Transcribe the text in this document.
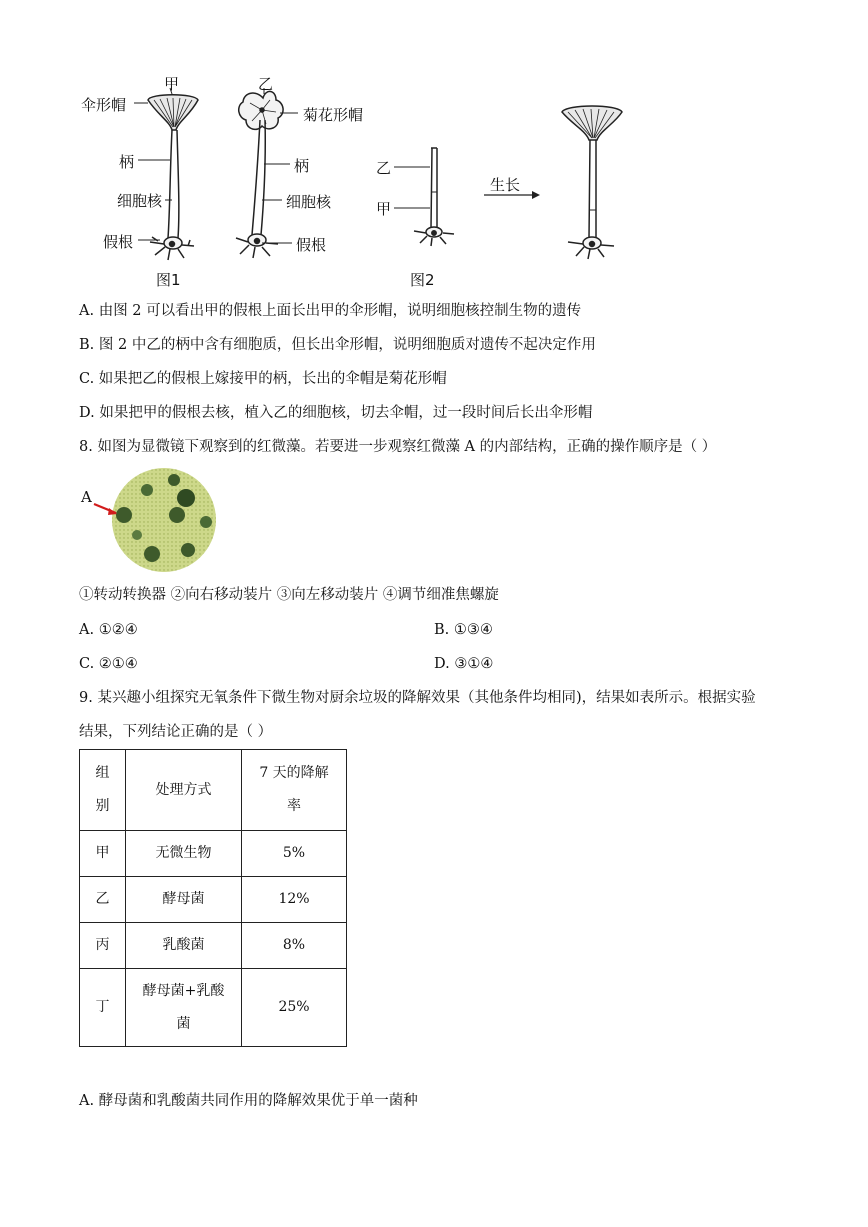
甲
伞形帽
柄
细胞核
假根
乙
菊花形帽
柄
细胞核
假根
图1
乙
甲
生长
图2
A. 由图 2 可以看出甲的假根上面长出甲的伞形帽，说明细胞核控制生物的遗传
B. 图 2 中乙的柄中含有细胞质，但长出伞形帽，说明细胞质对遗传不起决定作用
C. 如果把乙的假根上嫁接甲的柄，长出的伞帽是菊花形帽
D. 如果把甲的假根去核，植入乙的细胞核，切去伞帽，过一段时间后长出伞形帽
8. 如图为显微镜下观察到的红微藻。若要进一步观察红微藻 A 的内部结构，正确的操作顺序是（ ）
A
①转动转换器 ②向右移动装片 ③向左移动装片 ④调节细准焦螺旋
A. ①②④	B. ①③④
C. ②①④	D. ③①④
9. 某兴趣小组探究无氧条件下微生物对厨余垃圾的降解效果（其他条件均相同)，结果如表所示。根据实验
结果，下列结论正确的是（ ）
组
别	处理方式	7 天的降解
率
甲	无微生物	5%
乙	酵母菌	12%
丙	乳酸菌	8%
丁	酵母菌+乳酸
菌	25%
A. 酵母菌和乳酸菌共同作用的降解效果优于单一菌种
